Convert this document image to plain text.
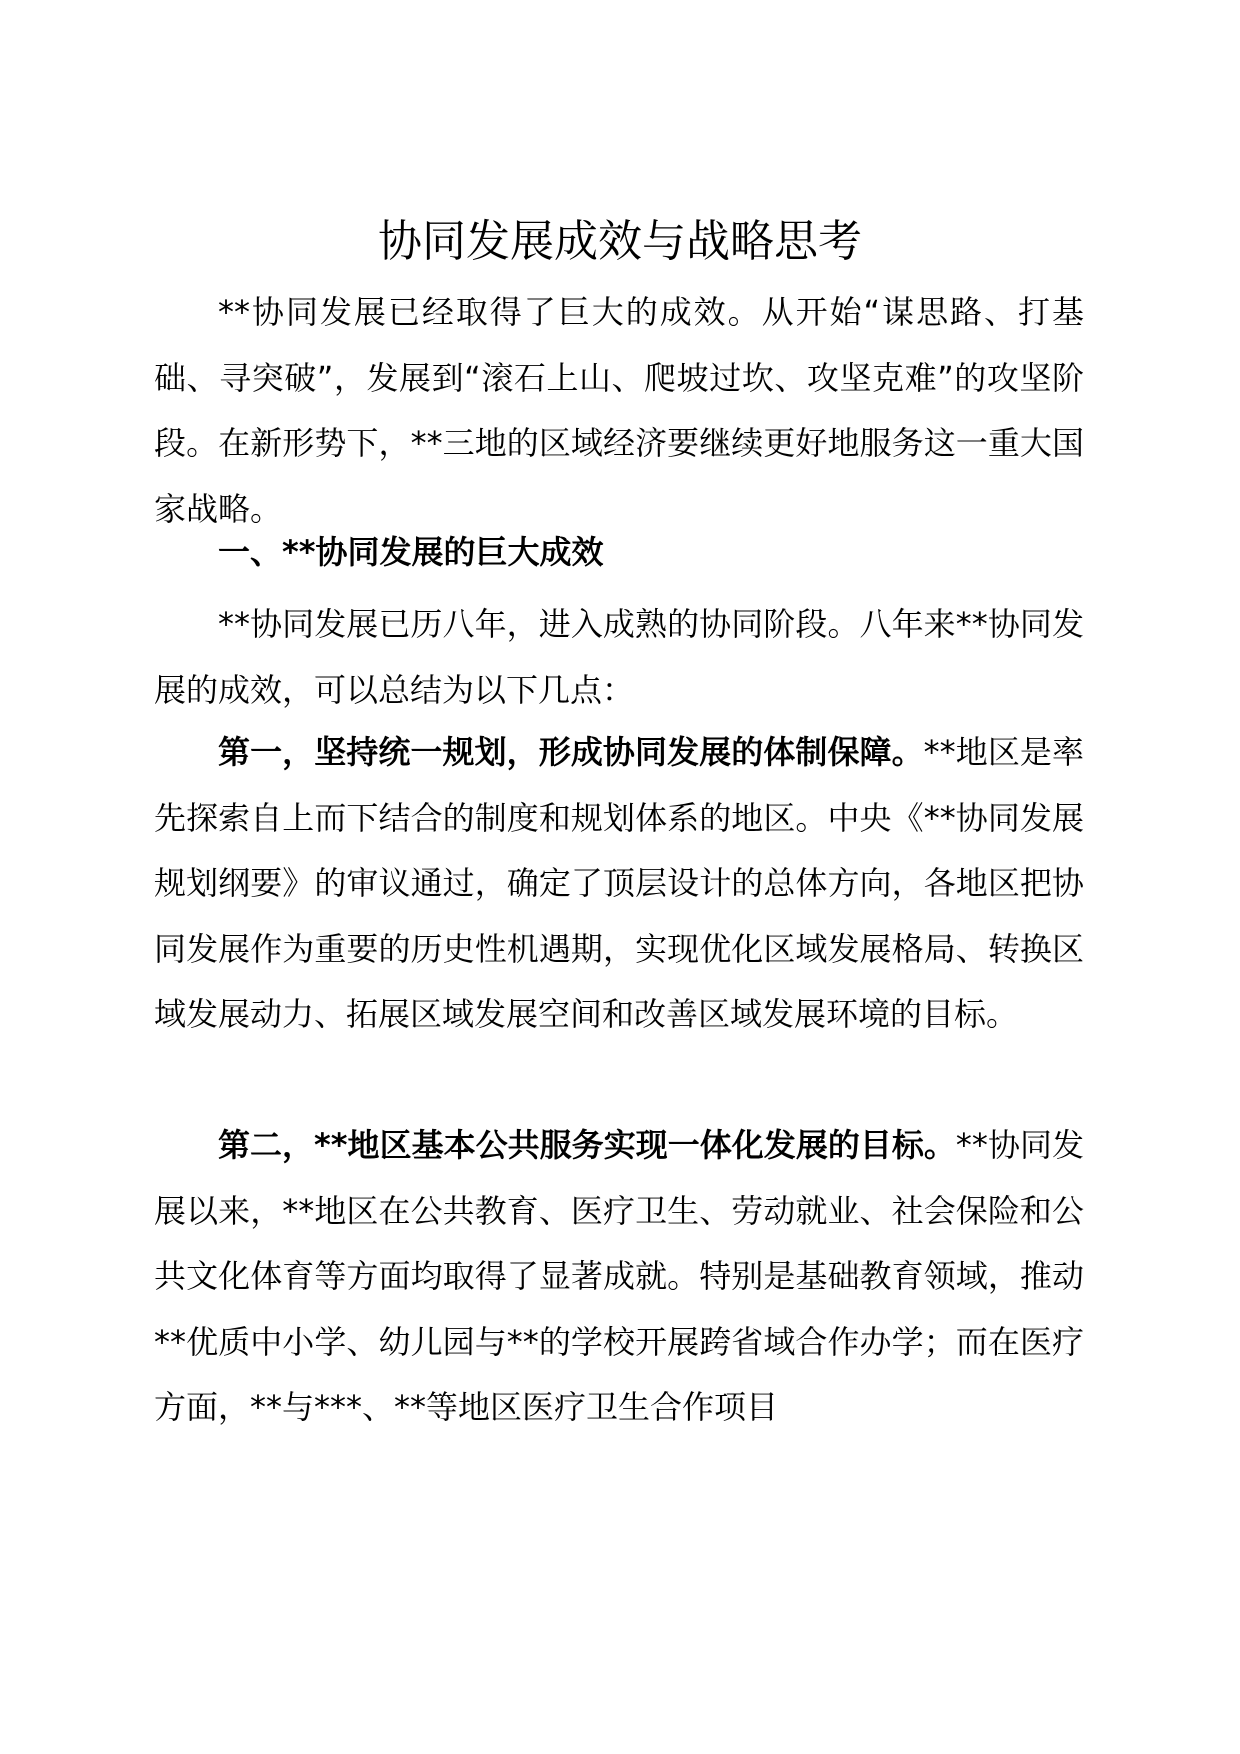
协同发展成效与战略思考

**协同发展已经取得了巨大的成效。从开始“谋思路、打基础、寻突破”，发展到“滚石上山、爬坡过坎、攻坚克难”的攻坚阶段。在新形势下，**三地的区域经济要继续更好地服务这一重大国家战略。

一、**协同发展的巨大成效

**协同发展已历八年，进入成熟的协同阶段。八年来**协同发展的成效，可以总结为以下几点：

第一，坚持统一规划，形成协同发展的体制保障。**地区是率先探索自上而下结合的制度和规划体系的地区。中央《**协同发展规划纲要》的审议通过，确定了顶层设计的总体方向，各地区把协同发展作为重要的历史性机遇期，实现优化区域发展格局、转换区域发展动力、拓展区域发展空间和改善区域发展环境的目标。

第二，**地区基本公共服务实现一体化发展的目标。**协同发展以来，**地区在公共教育、医疗卫生、劳动就业、社会保险和公共文化体育等方面均取得了显著成就。特别是基础教育领域，推动**优质中小学、幼儿园与**的学校开展跨省域合作办学；而在医疗方面，**与***、**等地区医疗卫生合作项目
